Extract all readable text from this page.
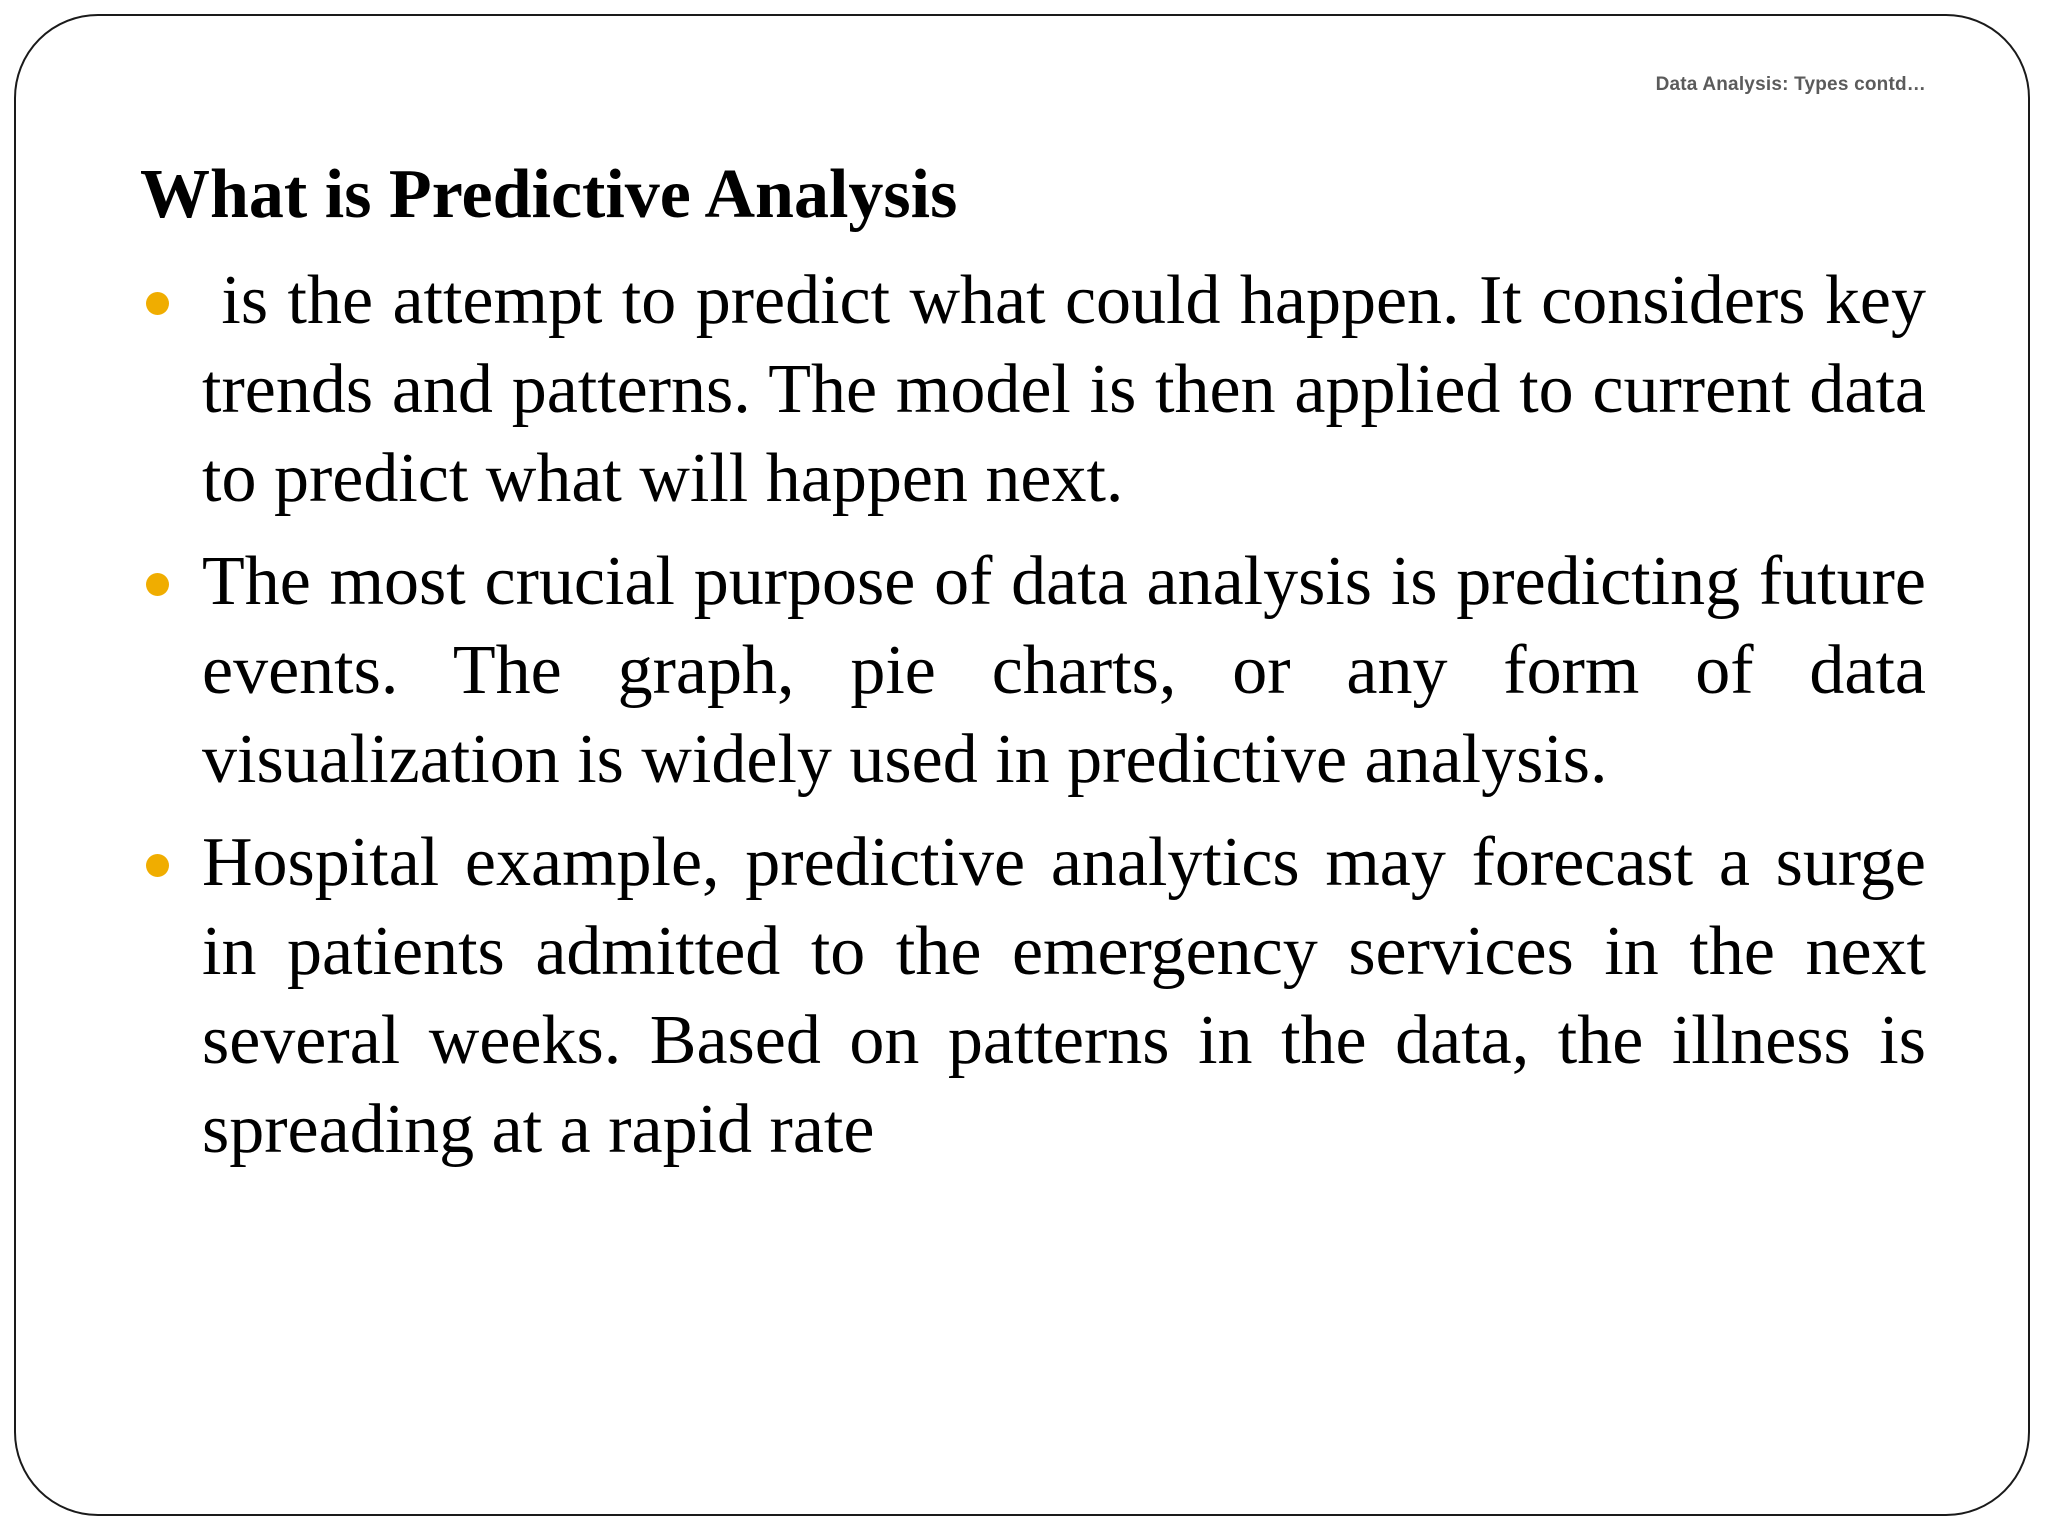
Data Analysis: Types contd…
What is Predictive Analysis
is the attempt to predict what could happen. It considers key trends and patterns. The model is then applied to current data to predict what will happen next.
The most crucial purpose of data analysis is predicting future events. The graph, pie charts, or any form of data visualization is widely used in predictive analysis.
Hospital example, predictive analytics may forecast a surge in patients admitted to the emergency services in the next several weeks. Based on patterns in the data, the illness is spreading at a rapid rate
